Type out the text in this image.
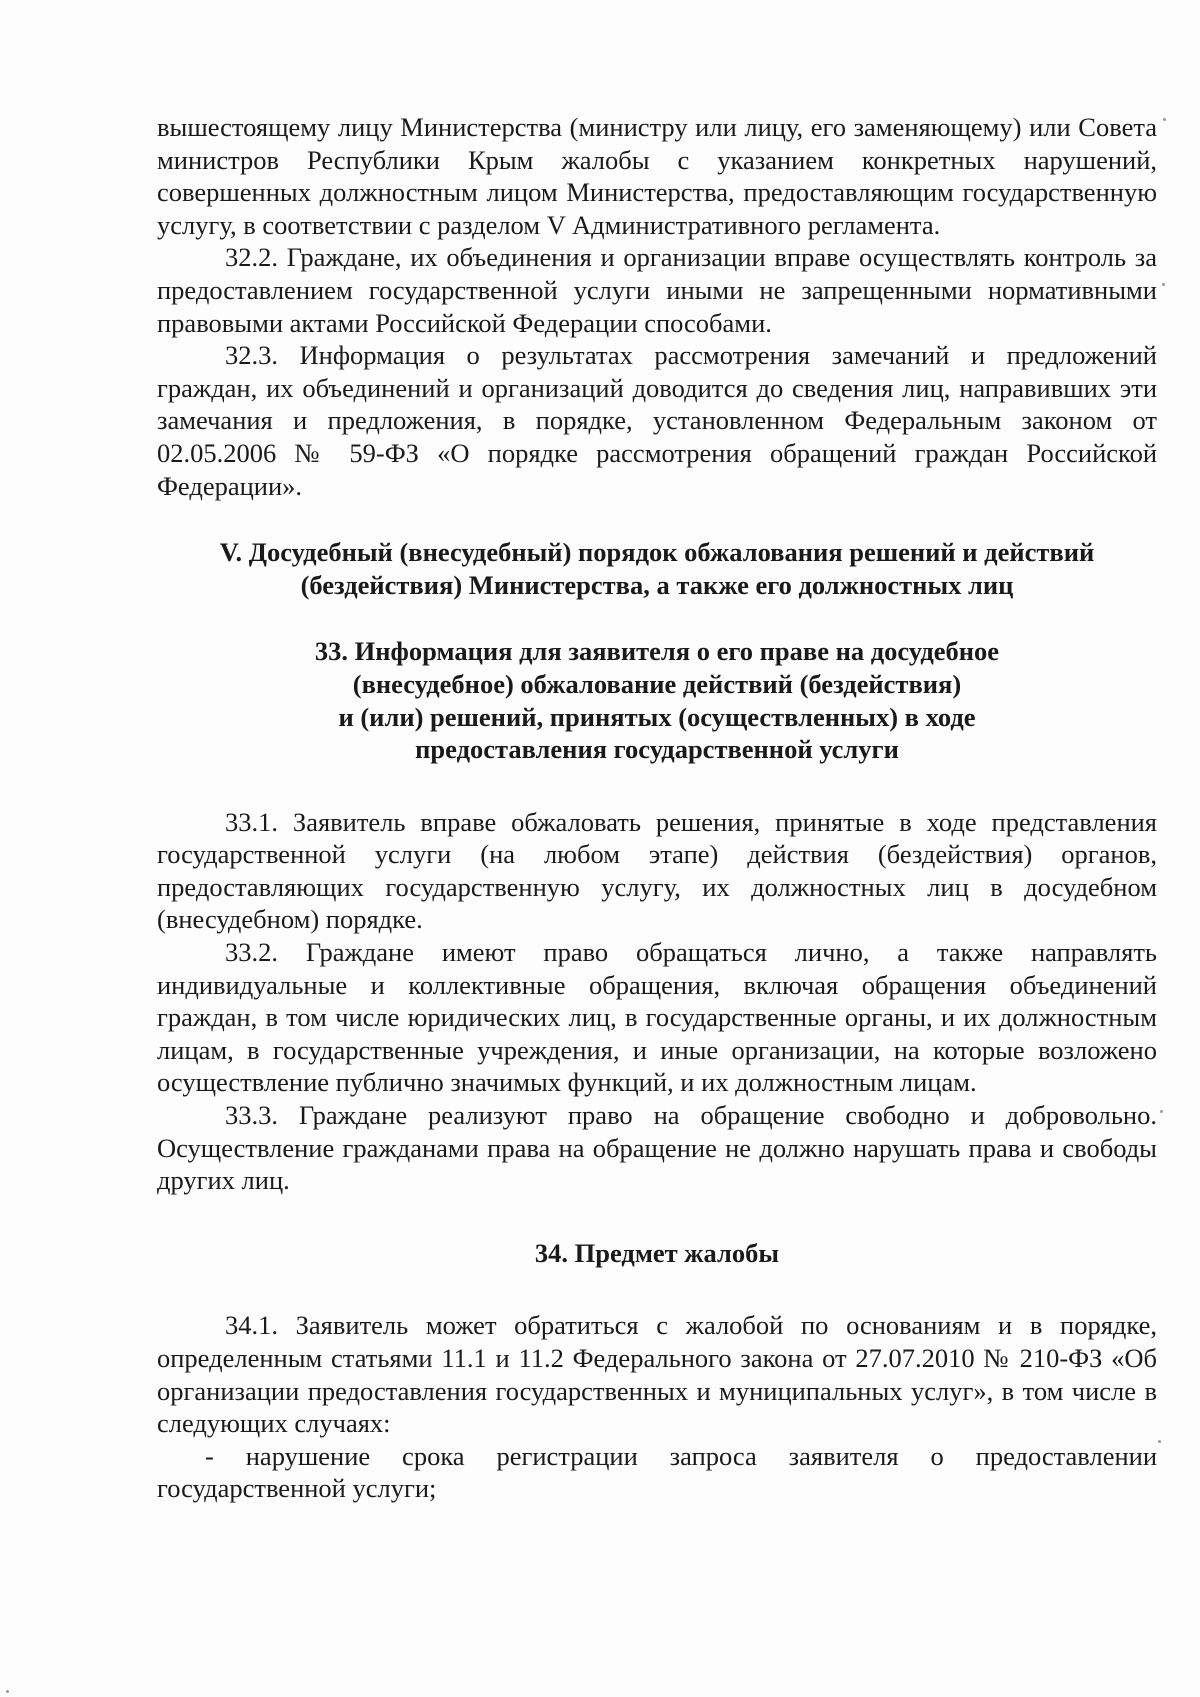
вышестоящему лицу Министерства (министру или лицу, его заменяющему) или Совета министров Республики Крым жалобы с указанием конкретных нарушений, совершенных должностным лицом Министерства, предоставляющим государственную услугу, в соответствии с разделом V Административного регламента.

32.2. Граждане, их объединения и организации вправе осуществлять контроль за предоставлением государственной услуги иными не запрещенными нормативными правовыми актами Российской Федерации способами.

32.3. Информация о результатах рассмотрения замечаний и предложений граждан, их объединений и организаций доводится до сведения лиц, направивших эти замечания и предложения, в порядке, установленном Федеральным законом от 02.05.2006 № 59-ФЗ «О порядке рассмотрения обращений граждан Российской Федерации».

V. Досудебный (внесудебный) порядок обжалования решений и действий
(бездействия) Министерства, а также его должностных лиц
33. Информация для заявителя о его праве на досудебное
(внесудебное) обжалование действий (бездействия)
и (или) решений, принятых (осуществленных) в ходе
предоставления государственной услуги

33.1. Заявитель вправе обжаловать решения, принятые в ходе представления государственной услуги (на любом этапе) действия (бездействия) органов, предоставляющих государственную услугу, их должностных лиц в досудебном (внесудебном) порядке.

33.2. Граждане имеют право обращаться лично, а также направлять индивидуальные и коллективные обращения, включая обращения объединений граждан, в том числе юридических лиц, в государственные органы, и их должностным лицам, в государственные учреждения, и иные организации, на которые возложено осуществление публично значимых функций, и их должностным лицам.

33.3. Граждане реализуют право на обращение свободно и добровольно. Осуществление гражданами права на обращение не должно нарушать права и свободы других лиц.

34. Предмет жалобы

34.1. Заявитель может обратиться с жалобой по основаниям и в порядке, определенным статьями 11.1 и 11.2 Федерального закона от 27.07.2010 № 210-ФЗ «Об организации предоставления государственных и муниципальных услуг», в том числе в следующих случаях:

- нарушение срока регистрации запроса заявителя о предоставлении государственной услуги;
